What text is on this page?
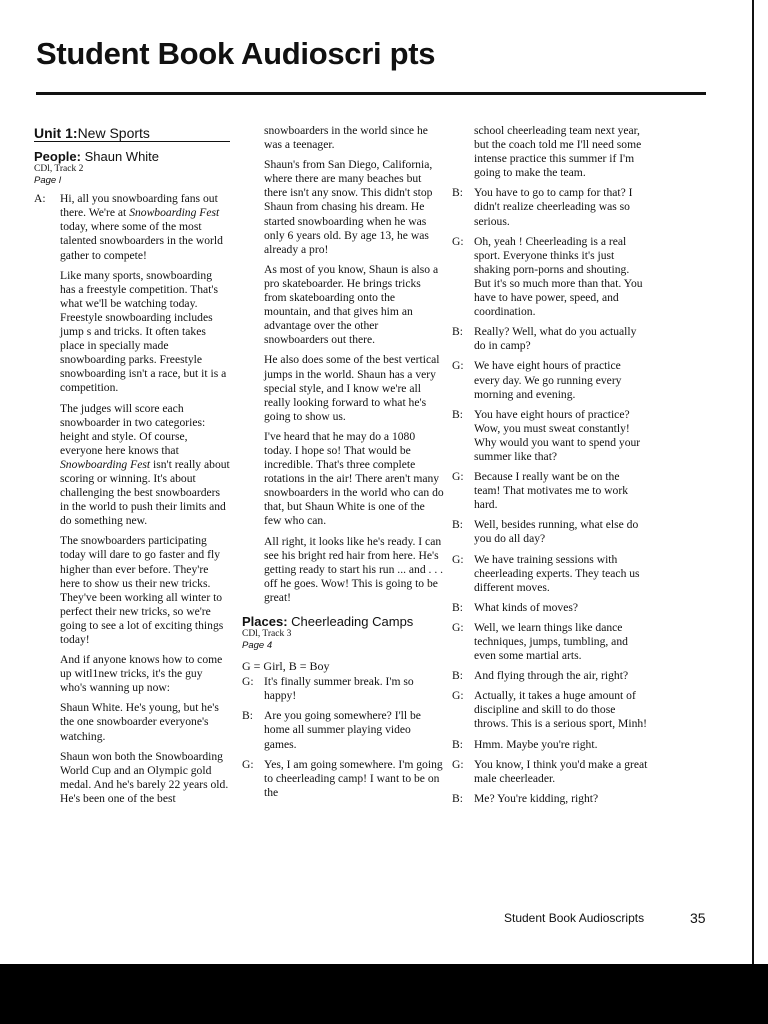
Student Book Audioscri pts
Unit 1:New Sports
People: Shaun White
CDl, Track 2
Page l
A:	Hi, all you snowboarding fans out there. We're at Snowboarding Fest today, where some of the most talented snowboarders in the world gather to compete!
Like many sports, snowboarding has a freestyle competition. That's what we'll be watching today. Freestyle snowboarding includes jump s and tricks. It often takes place in specially made snowboarding parks. Freestyle snowboarding isn't a race, but it is a competition.
The judges will score each snowboarder in two categories: height and style. Of course, everyone here knows that Snowboarding Fest isn't really about scoring or winning. It's about challenging the best snowboarders in the world to push their limits and do something new.
The snowboarders participating today will dare to go faster and fly higher than ever before. They're here to show us their new tricks. They've been working all winter to perfect their new tricks, so we're going to see a lot of exciting things today!
And if anyone knows how to come up witl1new tricks, it's the guy who's wanning up now:
Shaun White. He's young, but he's the one snowboarder everyone's watching.
Shaun won both the Snowboarding World Cup and an Olympic gold medal. And he's barely 22 years old. He's been one of the best
snowboarders in the world since he was a teenager.
Shaun's from San Diego, California, where there are many beaches but there isn't any snow. This didn't stop Shaun from chasing his dream. He started snowboarding when he was only 6 years old. By age 13, he was already a pro!
As most of you know, Shaun is also a pro skateboarder. He brings tricks from skateboarding onto the mountain, and that gives him an advantage over the other snowboarders out there.
He also does some of the best vertical jumps in the world. Shaun has a very special style, and I know we're all really looking forward to what he's going to show us.
I've heard that he may do a 1080 today. I hope so! That would be incredible. That's three complete rotations in the air! There aren't many snowboarders in the world who can do that, but Shaun White is one of the few who can.
All right, it looks like he's ready. I can see his bright red hair from here. He's getting ready to start his run ... and . . . off he goes. Wow! This is going to be great!
Places: Cheerleading Camps
CDl, Track 3
Page 4
G = Girl, B = Boy
G: It's finally summer break. I'm so happy!
B: Are you going somewhere? I'll be home all summer playing video games.
G: Yes, I am going somewhere. I'm going to cheerleading camp! I want to be on the
school cheerleading team next year, but the coach told me I'll need some intense practice this summer if I'm going to make the team.
B: You have to go to camp for that? I didn't realize cheerleading was so serious.
G: Oh, yeah ! Cheerleading is a real sport. Everyone thinks it's just shaking porn-porns and shouting. But it's so much more than that. You have to have power, speed, and coordination.
B: Really? Well, what do you actually do in camp?
G: We have eight hours of practice every day. We go running every morning and evening.
B: You have eight hours of practice? Wow, you must sweat constantly! Why would you want to spend your summer like that?
G: Because I really want be on the team! That motivates me to work hard.
B: Well, besides running, what else do you do all day?
G: We have training sessions with cheerleading experts. They teach us different moves.
B: What kinds of moves?
G: Well, we learn things like dance techniques, jumps, tumbling, and even some martial arts.
B: And flying through the air, right?
G: Actually, it takes a huge amount of discipline and skill to do those throws. This is a serious sport, Minh!
B: Hmm. Maybe you're right.
G: You know, I think you'd make a great male cheerleader.
B: Me? You're kidding, right?
Student Book Audioscripts	35
